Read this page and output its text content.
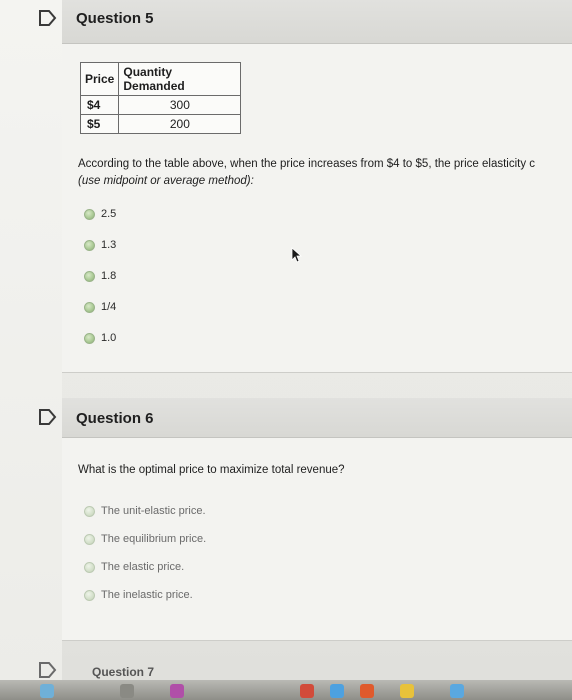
Question 5
Price	Quantity Demanded
$4	300
$5	200
According to the table above, when the price increases from $4 to $5, the price elasticity c
(use midpoint or average method):
2.5
1.3
1.8
1/4
1.0
Question 6
What is the optimal price to maximize total revenue?
The unit-elastic price.
The equilibrium price.
The elastic price.
The inelastic price.
Question 7
